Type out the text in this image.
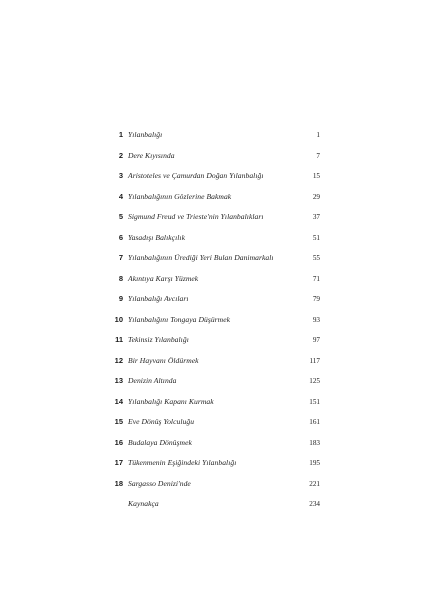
1 Yılanbalığı	1
2 Dere Kıyısında	7
3 Aristoteles ve Çamurdan Doğan Yılanbalığı	15
4 Yılanbalığının Gözlerine Bakmak	29
5 Sigmund Freud ve Trieste'nin Yılanbalıkları	37
6 Yasadışı Balıkçılık	51
7 Yılanbalığının Ürediği Yeri Bulan Danimarkalı	55
8 Akıntıya Karşı Yüzmek	71
9 Yılanbalığı Avcıları	79
10 Yılanbalığını Tongaya Düşürmek	93
11 Tekinsiz Yılanbalığı	97
12 Bir Hayvanı Öldürmek	117
13 Denizin Altında	125
14 Yılanbalığı Kapanı Kurmak	151
15 Eve Dönüş Yolculuğu	161
16 Budalaya Dönüşmek	183
17 Tükenmenin Eşiğindeki Yılanbalığı	195
18 Sargasso Denizi'nde	221
Kaynakça	234
